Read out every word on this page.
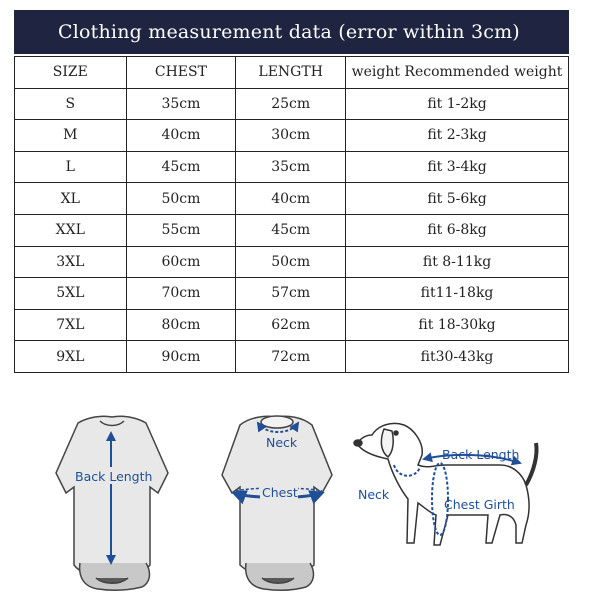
Clothing measurement data (error within 3cm)
SIZE	CHEST	LENGTH	weight Recommended weight
S	35cm	25cm	fit 1-2kg
M	40cm	30cm	fit 2-3kg
L	45cm	35cm	fit 3-4kg
XL	50cm	40cm	fit 5-6kg
XXL	55cm	45cm	fit 6-8kg
3XL	60cm	50cm	fit 8-11kg
5XL	70cm	57cm	fit11-18kg
7XL	80cm	62cm	fit 18-30kg
9XL	90cm	72cm	fit30-43kg
Back Length
Neck
Chest	Neck
Back Length
Chest Girth
